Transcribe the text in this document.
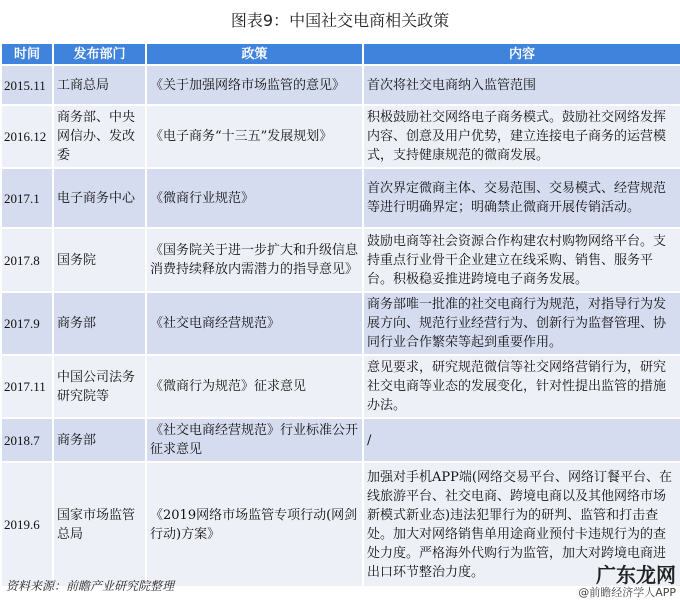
图表9：中国社交电商相关政策
时间	发布部门	政策	内容
2015.11	工商总局	《关于加强网络市场监管的意见》	首次将社交电商纳入监管范围
2016.12	商务部、中央网信办、发改委	《电子商务“十三五”发展规划》	积极鼓励社交网络电子商务模式。鼓励社交网络发挥内容、创意及用户优势，建立连接电子商务的运营模式，支持健康规范的微商发展。
2017.1	电子商务中心	《微商行业规范》	首次界定微商主体、交易范围、交易模式、经营规范等进行明确界定；明确禁止微商开展传销活动。
2017.8	国务院	《国务院关于进一步扩大和升级信息消费持续释放内需潜力的指导意见》	鼓励电商等社会资源合作构建农村购物网络平台。支持重点行业骨干企业建立在线采购、销售、服务平台。积极稳妥推进跨境电子商务发展。
2017.9	商务部	《社交电商经营规范》	商务部唯一批准的社交电商行为规范，对指导行为发展方向、规范行业经营行为、创新行为监督管理、协同行业合作繁荣等起到重要作用。
2017.11	中国公司法务研究院等	《微商行为规范》征求意见	意见要求，研究规范微信等社交网络营销行为，研究社交电商等业态的发展变化，针对性提出监管的措施办法。
2018.7	商务部	《社交电商经营规范》行业标准公开征求意见	/
2019.6	国家市场监管总局	《2019网络市场监管专项行动(网剑行动)方案》	加强对手机APP端(网络交易平台、网络订餐平台、在线旅游平台、社交电商、跨境电商以及其他网络市场新模式新业态)违法犯罪行为的研判、监管和打击查处。加大对网络销售单用途商业预付卡违规行为的查处力度。严格海外代购行为监管，加大对跨境电商进出口环节整治力度。
资料来源：前瞻产业研究院整理	广东龙网
@前瞻经济学人APP
